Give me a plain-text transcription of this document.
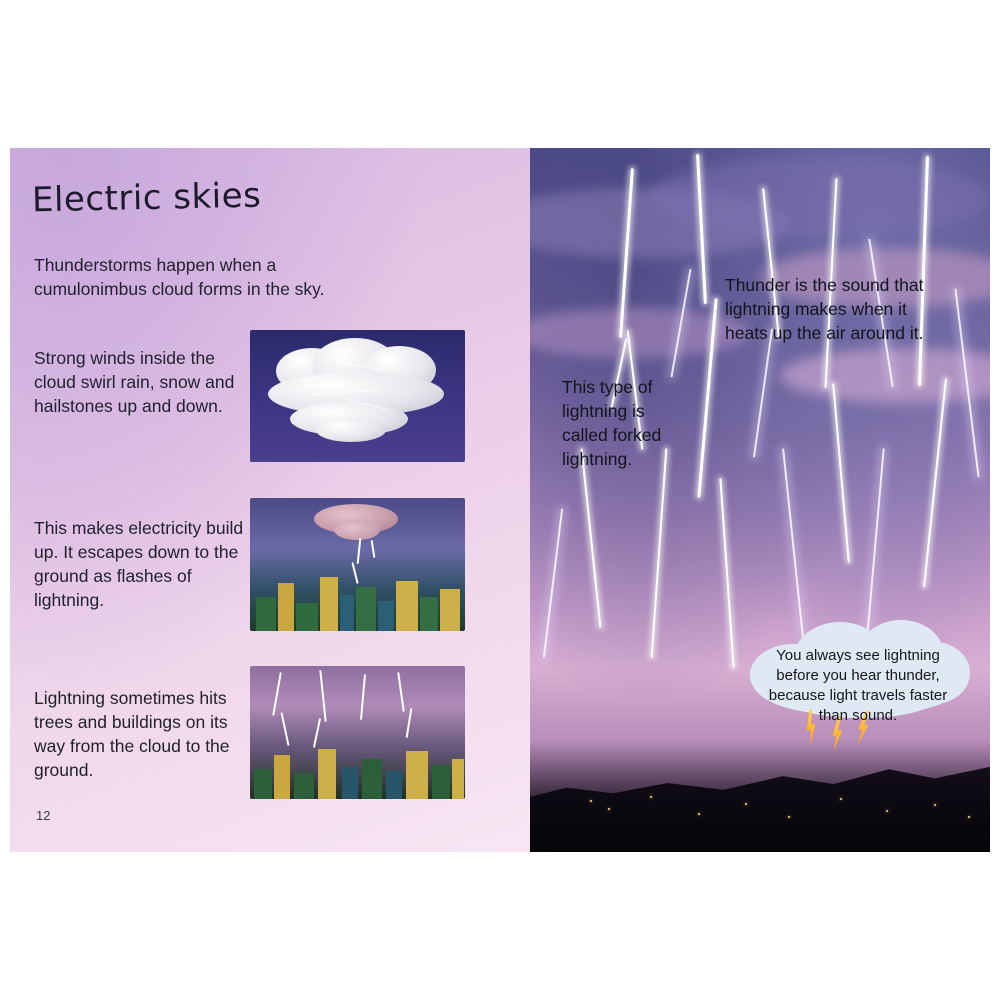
Electric skies
Thunderstorms happen when a cumulonimbus cloud forms in the sky.
Strong winds inside the cloud swirl rain, snow and hailstones up and down.
This makes electricity build up. It escapes down to the ground as flashes of lightning.
Lightning sometimes hits trees and buildings on its way from the cloud to the ground.
12
Thunder is the sound that lightning makes when it heats up the air around it.
This type of lightning is called forked lightning.
You always see lightning before you hear thunder, because light travels faster than sound.
